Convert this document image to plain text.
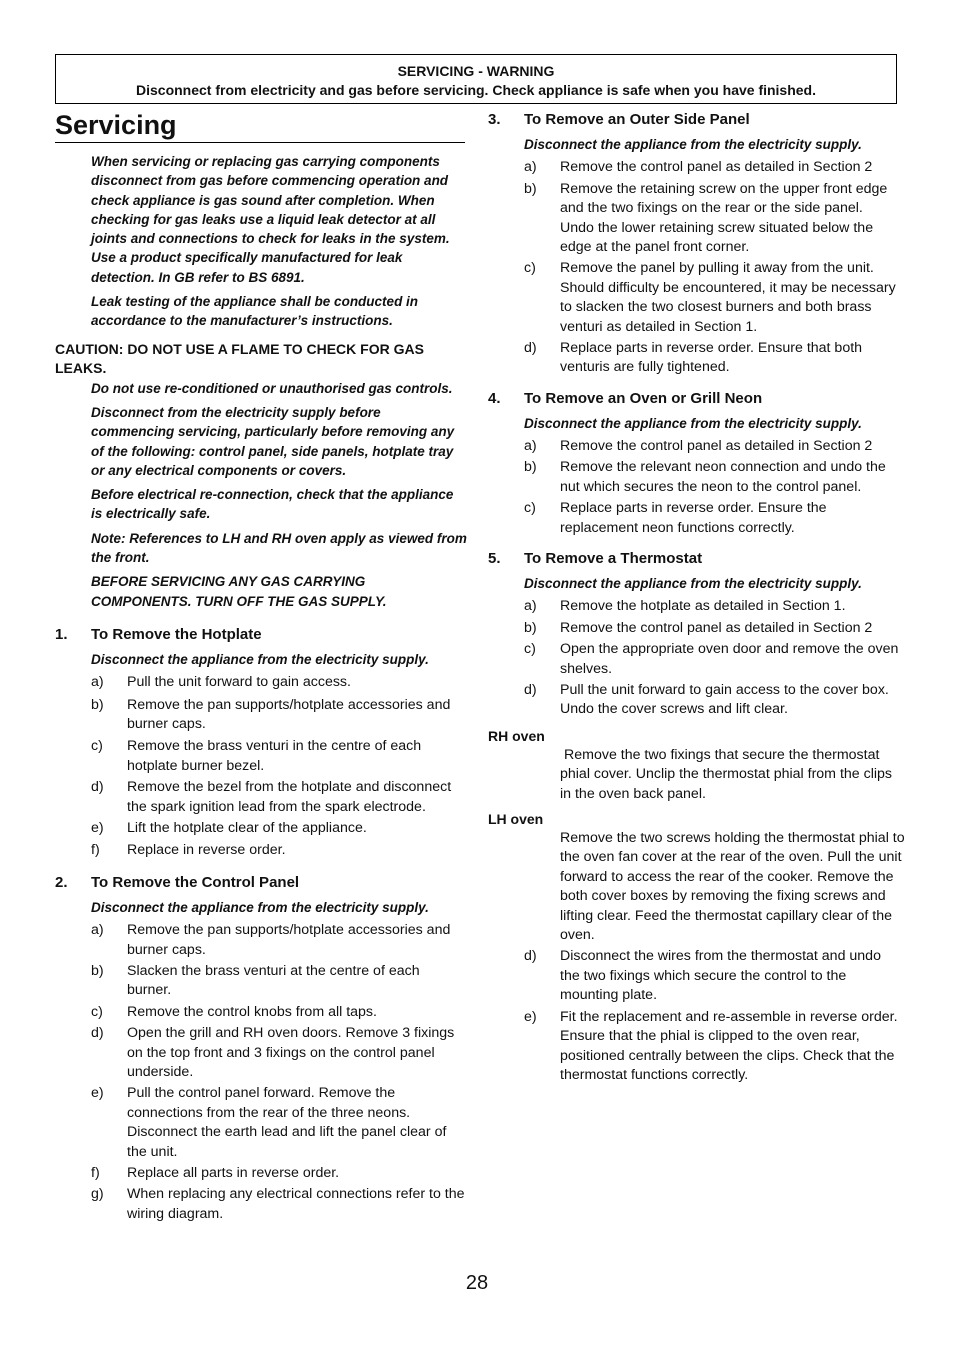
SERVICING - WARNING
Disconnect from electricity and gas before servicing. Check appliance is safe when you have finished.
Servicing

When servicing or replacing gas carrying components disconnect from gas before commencing operation and check appliance is gas sound after completion. When checking for gas leaks use a liquid leak detector at all joints and connections to check for leaks in the system. Use a product specifically manufactured for leak detection. In GB refer to BS 6891.

Leak testing of the appliance shall be conducted in accordance to the manufacturer’s instructions.

CAUTION: DO NOT USE A FLAME TO CHECK FOR GAS LEAKS.

Do not use re-conditioned or unauthorised gas controls.

Disconnect from the electricity supply before commencing servicing, particularly before removing any of the following: control panel, side panels, hotplate tray or any electrical components or covers.

Before electrical re-connection, check that the appliance is electrically safe.

Note: References to LH and RH oven apply as viewed from the front.

BEFORE SERVICING ANY GAS CARRYING COMPONENTS. TURN OFF THE GAS SUPPLY.

1.	To Remove the Hotplate

Disconnect the appliance from the electricity supply.

a)	Pull the unit forward to gain access.
b)	Remove the pan supports/hotplate accessories and burner caps.
c)	Remove the brass venturi in the centre of each hotplate burner bezel.
d)	Remove the bezel from the hotplate and disconnect the spark ignition lead from the spark electrode.
e)	Lift the hotplate clear of the appliance.
f)	Replace in reverse order.
2.	To Remove the Control Panel

Disconnect the appliance from the electricity supply.

a)	Remove the pan supports/hotplate accessories and burner caps.
b)	Slacken the brass venturi at the centre of each burner.
c)	Remove the control knobs from all taps.
d)	Open the grill and RH oven doors. Remove 3 fixings on the top front and 3 fixings on the control panel underside.
e)	Pull the control panel forward. Remove the connections from the rear of the three neons. Disconnect the earth lead and lift the panel clear of the unit.
f)	Replace all parts in reverse order.
g)	When replacing any electrical connections refer to the wiring diagram.
3.	To Remove an Outer Side Panel

Disconnect the appliance from the electricity supply.

a)	Remove the control panel as detailed in Section 2
b)	Remove the retaining screw on the upper front edge and the two fixings on the rear or the side panel. Undo the lower retaining screw situated below the edge at the panel front corner.
c)	Remove the panel by pulling it away from the unit. Should difficulty be encountered, it may be necessary to slacken the two closest burners and both brass venturi as detailed in Section 1.
d)	Replace parts in reverse order. Ensure that both venturis are fully tightened.
4.	To Remove an Oven or Grill Neon

Disconnect the appliance from the electricity supply.

a)	Remove the control panel as detailed in Section 2
b)	Remove the relevant neon connection and undo the nut which secures the neon to the control panel.
c)	Replace parts in reverse order. Ensure the replacement neon functions correctly.
5.	To Remove a Thermostat

Disconnect the appliance from the electricity supply.

a)	Remove the hotplate as detailed in Section 1.
b)	Remove the control panel as detailed in Section 2
c)	Open the appropriate oven door and remove the oven shelves.
d)	Pull the unit forward to gain access to the cover box. Undo the cover screws and lift clear.

RH oven

Remove the two fixings that secure the thermostat phial cover. Unclip the thermostat phial from the clips in the oven back panel.

LH oven

Remove the two screws holding the thermostat phial to the oven fan cover at the rear of the oven. Pull the unit forward to access the rear of the cooker. Remove the both cover boxes by removing the fixing screws and lifting clear. Feed the thermostat capillary clear of the oven.

d)	Disconnect the wires from the thermostat and undo the two fixings which secure the control to the mounting plate.
e)	Fit the replacement and re-assemble in reverse order. Ensure that the phial is clipped to the oven rear, positioned centrally between the clips. Check that the thermostat functions correctly.
28
